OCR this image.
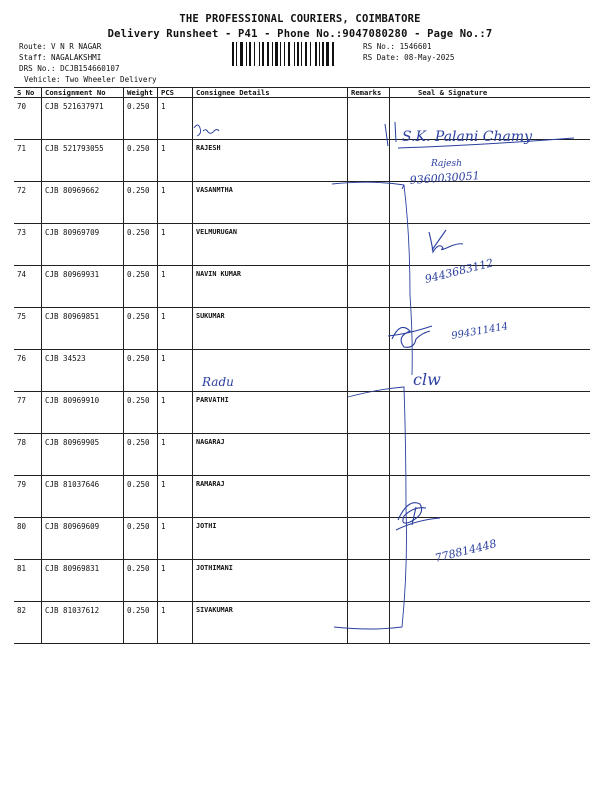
THE PROFESSIONAL COURIERS, COIMBATORE
Delivery Runsheet - P41 - Phone No.:9047080280 - Page No.:7
Route: V N R NAGAR
Staff: NAGALAKSHMI
DRS No.: DCJB154660107
Vehicle: Two Wheeler Delivery
RS No.: 1546601
RS Date: 08-May-2025
S No	Consignment No	Weight	PCS	Consignee Details	Remarks	Seal & Signature
70	CJB 521637971	0.250	1			
71	CJB 521793055	0.250	1	RAJESH		
72	CJB 80969662	0.250	1	VASANMTHA		
73	CJB 80969709	0.250	1	VELMURUGAN		
74	CJB 80969931	0.250	1	NAVIN KUMAR		
75	CJB 80969851	0.250	1	SUKUMAR		
76	CJB 34523	0.250	1			
77	CJB 80969910	0.250	1	PARVATHI		
78	CJB 80969905	0.250	1	NAGARAJ		
79	CJB 81037646	0.250	1	RAMARAJ		
80	CJB 80969609	0.250	1	JOTHI		
81	CJB 80969831	0.250	1	JOTHIMANI		
82	CJB 81037612	0.250	1	SIVAKUMAR		
S.K. Palani Chamy
Rajesh
9360030051
9443683112
994311414
clw
Radu
778814448
